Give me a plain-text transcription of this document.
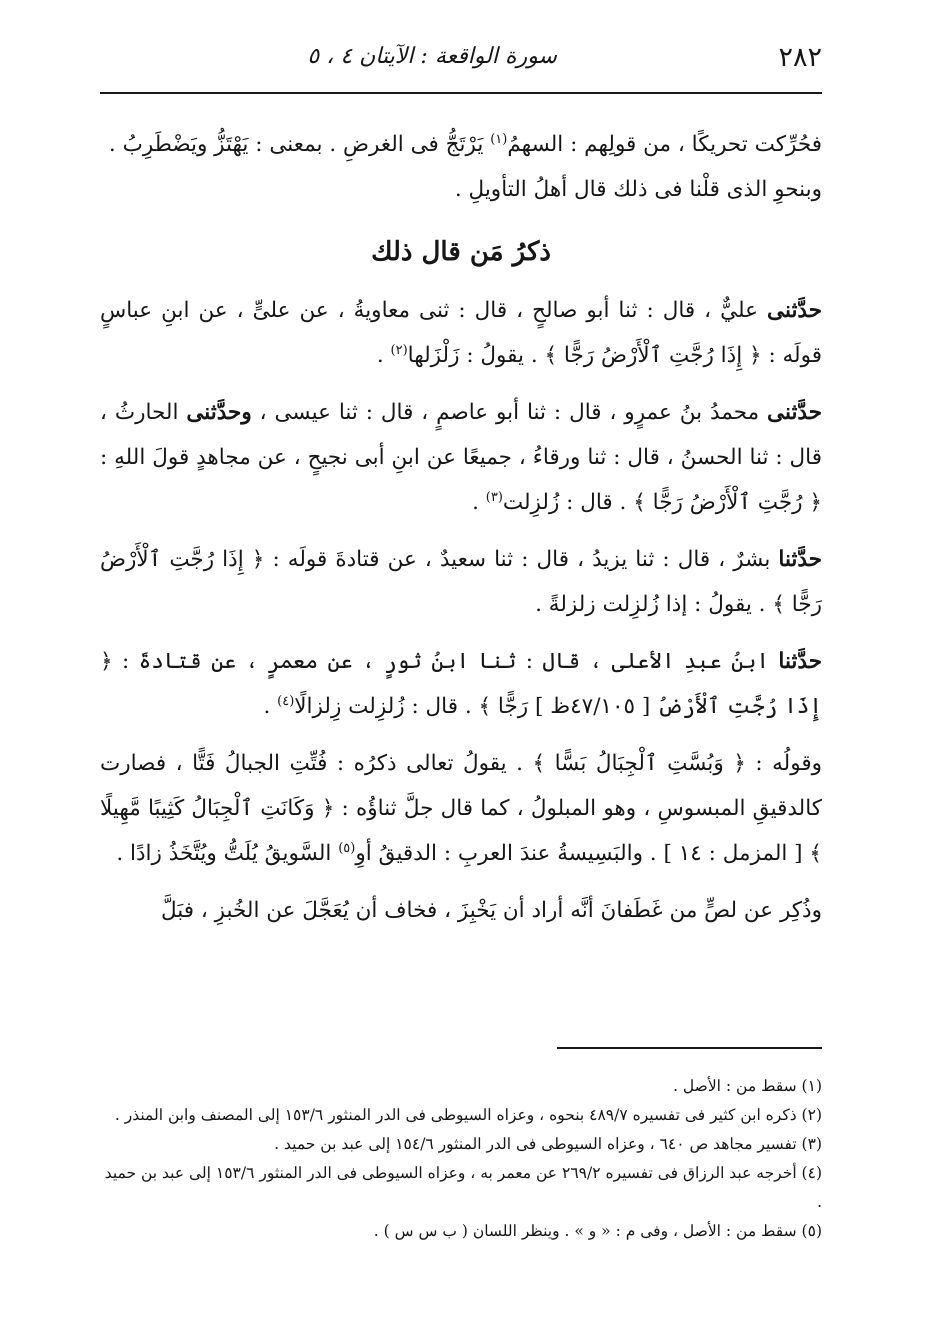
٢٨٢
سورة الواقعة : الآيتان ٤ ، ٥

فحُرِّكت تحريكًا ، من قولِهم : السهمُ$^{(١)}$ يَرْتَجُّ فى الغرضِ . بمعنى : يَهْتَزُّ ويَضْطَرِبُ .

وبنحوِ الذى قلْنا فى ذلك قال أهلُ التأويلِ .

ذكرُ مَن قال ذلك

حدَّثنى عليٌّ ، قال : ثنا أبو صالحٍ ، قال : ثنى معاويةُ ، عن علىٍّ ، عن ابنِ عباسٍ قولَه : ﴿ إِذَا رُجَّتِ ٱلْأَرْضُ رَجًّا ﴾ . يقولُ : زَلْزَلها$^{(٢)}$ .

حدَّثنى محمدُ بنُ عمرٍو ، قال : ثنا أبو عاصمٍ ، قال : ثنا عيسى ، وحدَّثنى الحارثُ ، قال : ثنا الحسنُ ، قال : ثنا ورقاءُ ، جميعًا عن ابنِ أبى نجيحٍ ، عن مجاهدٍ قولَ اللهِ : ﴿ رُجَّتِ ٱلْأَرْضُ رَجًّا ﴾ . قال : زُلزِلت$^{(٣)}$ .

حدَّثنا بشرٌ ، قال : ثنا يزيدُ ، قال : ثنا سعيدٌ ، عن قتادةَ قولَه : ﴿ إِذَا رُجَّتِ ٱلْأَرْضُ رَجًّا ﴾ . يقولُ : إذا زُلزِلت زلزلةً .

حدَّثنا ابنُ عبدِ الأعلى ، قال : ثنا ابنُ ثورٍ ، عن معمرٍ ، عن قتادةَ : ﴿ إِذَا رُجَّتِ ٱلْأَرْضُ [ ٤٧/١٠٥ظ ] رَجًّا ﴾ . قال : زُلزِلت زِلزالًا$^{(٤)}$ .

وقولُه : ﴿ وَبُسَّتِ ٱلْجِبَالُ بَسًّا ﴾ . يقولُ تعالى ذكرُه : فُتِّتِ الجبالُ فَتًّا ، فصارت كالدقيقِ المبسوسِ ، وهو المبلولُ ، كما قال جلَّ ثناؤُه : ﴿ وَكَانَتِ ٱلْجِبَالُ كَثِيبًا مَّهِيلًا ﴾ [ المزمل : ١٤ ] . والبَسِيسةُ عندَ العربِ : الدقيقُ أوِ$^{(٥)}$ السَّويقُ يُلَتُّ ويُتَّخَذُ زادًا .

وذُكِر عن لصٍّ من غَطَفانَ أنَّه أراد أن يَخْبِزَ ، فخاف أن يُعَجَّلَ عن الخُبزِ ، فبَلَّ

(١) سقط من : الأصل .

(٢) ذكره ابن كثير فى تفسيره ٤٨٩/٧ بنحوه ، وعزاه السيوطى فى الدر المنثور ١٥٣/٦ إلى المصنف وابن المنذر .

(٣) تفسير مجاهد ص ٦٤٠ ، وعزاه السيوطى فى الدر المنثور ١٥٤/٦ إلى عبد بن حميد .

(٤) أخرجه عبد الرزاق فى تفسيره ٢٦٩/٢ عن معمر به ، وعزاه السيوطى فى الدر المنثور ١٥٣/٦ إلى عبد بن حميد .

(٥) سقط من : الأصل ، وفى م : « و » . وينظر اللسان ( ب س س ) .
